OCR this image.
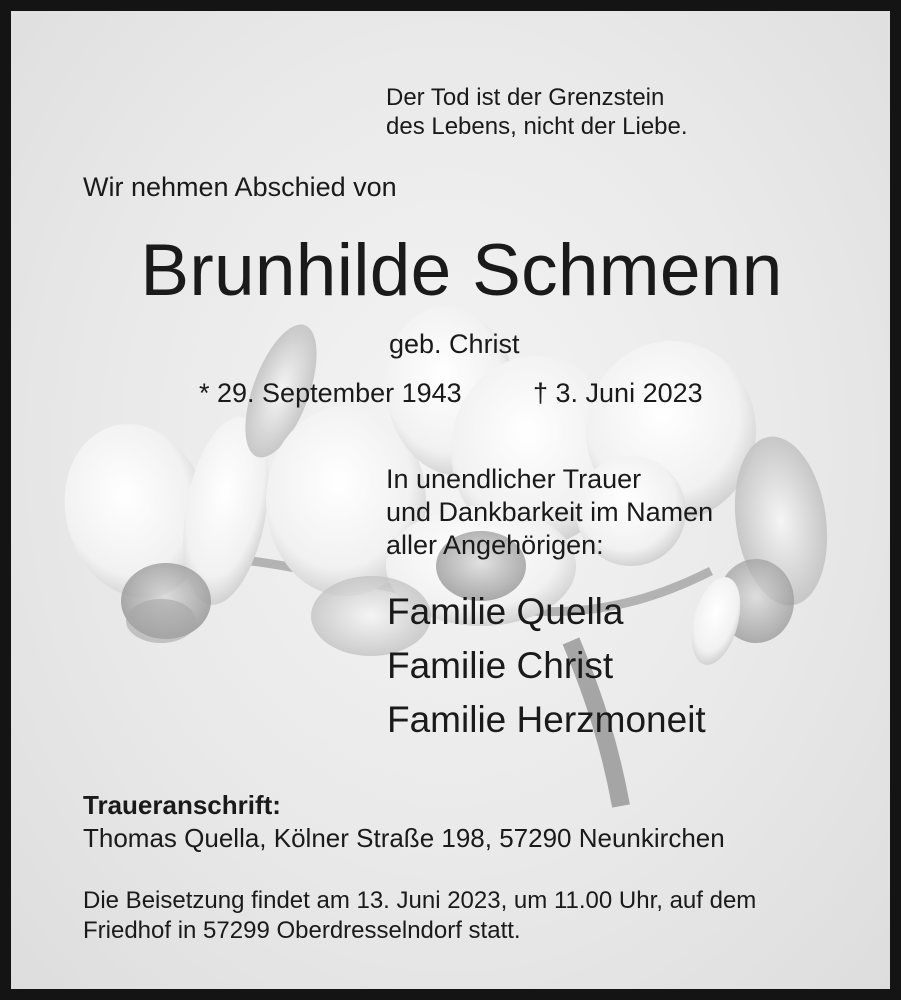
Der Tod ist der Grenzstein
des Lebens, nicht der Liebe.
Wir nehmen Abschied von
Brunhilde Schmenn
geb. Christ
* 29. September 1943	† 3. Juni 2023
In unendlicher Trauer
und Dankbarkeit im Namen
aller Angehörigen:
Familie Quella
Familie Christ
Familie Herzmoneit
Traueranschrift:
Thomas Quella, Kölner Straße 198, 57290 Neunkirchen
Die Beisetzung findet am 13. Juni 2023, um 11.00 Uhr, auf dem
Friedhof in 57299 Oberdresselndorf statt.
